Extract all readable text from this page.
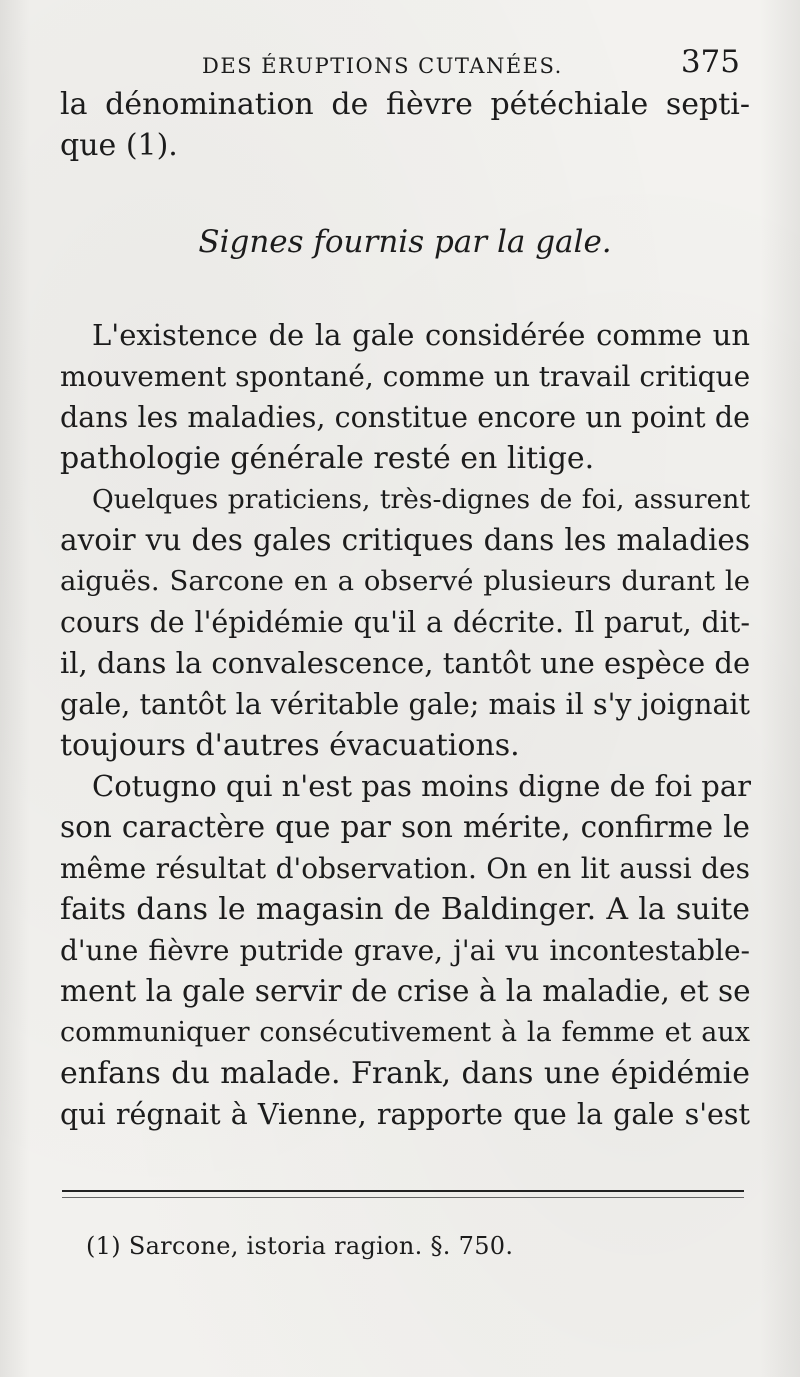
DES ÉRUPTIONS CUTANÉES.	375
la dénomination de fièvre pétéchiale septi-
que (1).
Signes fournis par la gale.
L'existence de la gale considérée comme un
mouvement spontané, comme un travail critique
dans les maladies, constitue encore un point de
pathologie générale resté en litige.
Quelques praticiens, très-dignes de foi, assurent
avoir vu des gales critiques dans les maladies
aiguës. Sarcone en a observé plusieurs durant le
cours de l'épidémie qu'il a décrite. Il parut, dit-
il, dans la convalescence, tantôt une espèce de
gale, tantôt la véritable gale; mais il s'y joignait
toujours d'autres évacuations.
Cotugno qui n'est pas moins digne de foi par
son caractère que par son mérite, confirme le
même résultat d'observation. On en lit aussi des
faits dans le magasin de Baldinger. A la suite
d'une fièvre putride grave, j'ai vu incontestable-
ment la gale servir de crise à la maladie, et se
communiquer consécutivement à la femme et aux
enfans du malade. Frank, dans une épidémie
qui régnait à Vienne, rapporte que la gale s'est
(1) Sarcone, istoria ragion. §. 750.
